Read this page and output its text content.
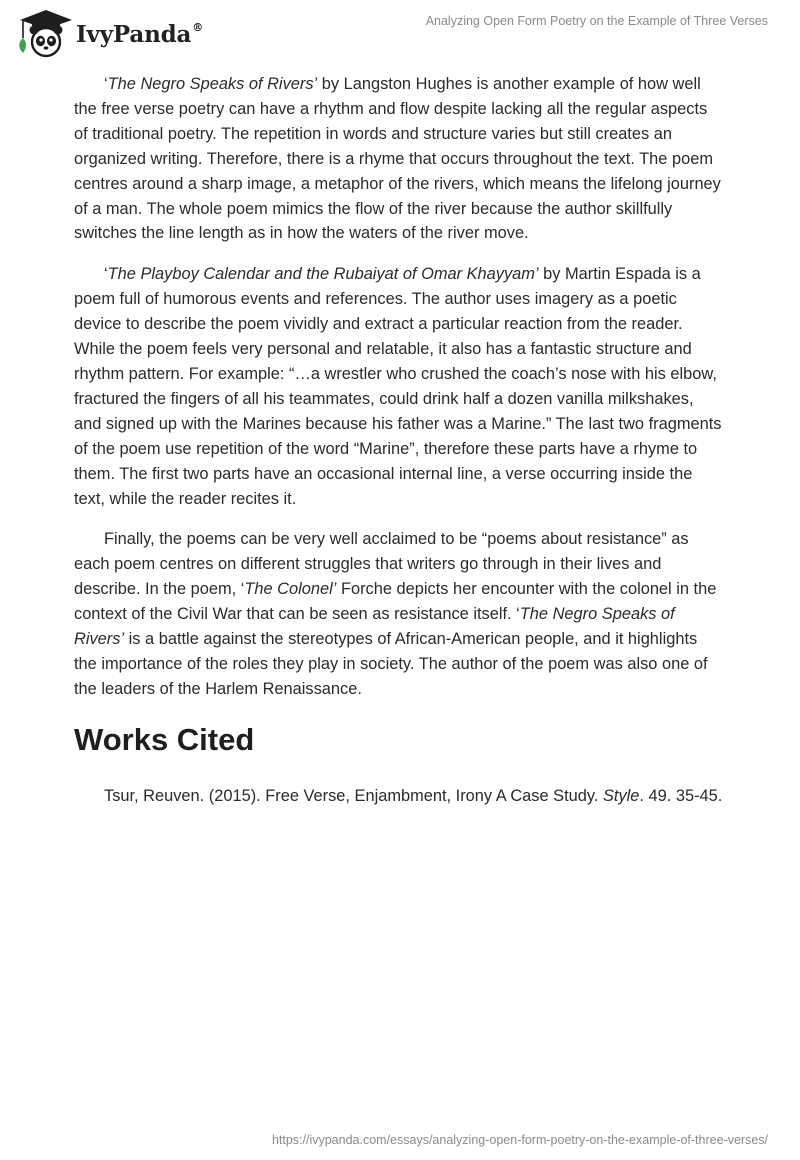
IvyPanda®	Analyzing Open Form Poetry on the Example of Three Verses

‘The Negro Speaks of Rivers’ by Langston Hughes is another example of how well the free verse poetry can have a rhythm and flow despite lacking all the regular aspects of traditional poetry. The repetition in words and structure varies but still creates an organized writing. Therefore, there is a rhyme that occurs throughout the text. The poem centres around a sharp image, a metaphor of the rivers, which means the lifelong journey of a man. The whole poem mimics the flow of the river because the author skillfully switches the line length as in how the waters of the river move.

‘The Playboy Calendar and the Rubaiyat of Omar Khayyam’ by Martin Espada is a poem full of humorous events and references. The author uses imagery as a poetic device to describe the poem vividly and extract a particular reaction from the reader. While the poem feels very personal and relatable, it also has a fantastic structure and rhythm pattern. For example: “…a wrestler who crushed the coach’s nose with his elbow, fractured the fingers of all his teammates, could drink half a dozen vanilla milkshakes, and signed up with the Marines because his father was a Marine.” The last two fragments of the poem use repetition of the word “Marine”, therefore these parts have a rhyme to them. The first two parts have an occasional internal line, a verse occurring inside the text, while the reader recites it.

Finally, the poems can be very well acclaimed to be “poems about resistance” as each poem centres on different struggles that writers go through in their lives and describe. In the poem, ‘The Colonel’ Forche depicts her encounter with the colonel in the context of the Civil War that can be seen as resistance itself. ‘The Negro Speaks of Rivers’ is a battle against the stereotypes of African-American people, and it highlights the importance of the roles they play in society. The author of the poem was also one of the leaders of the Harlem Renaissance.

Works Cited

Tsur, Reuven. (2015). Free Verse, Enjambment, Irony A Case Study. Style. 49. 35-45.

https://ivypanda.com/essays/analyzing-open-form-poetry-on-the-example-of-three-verses/
